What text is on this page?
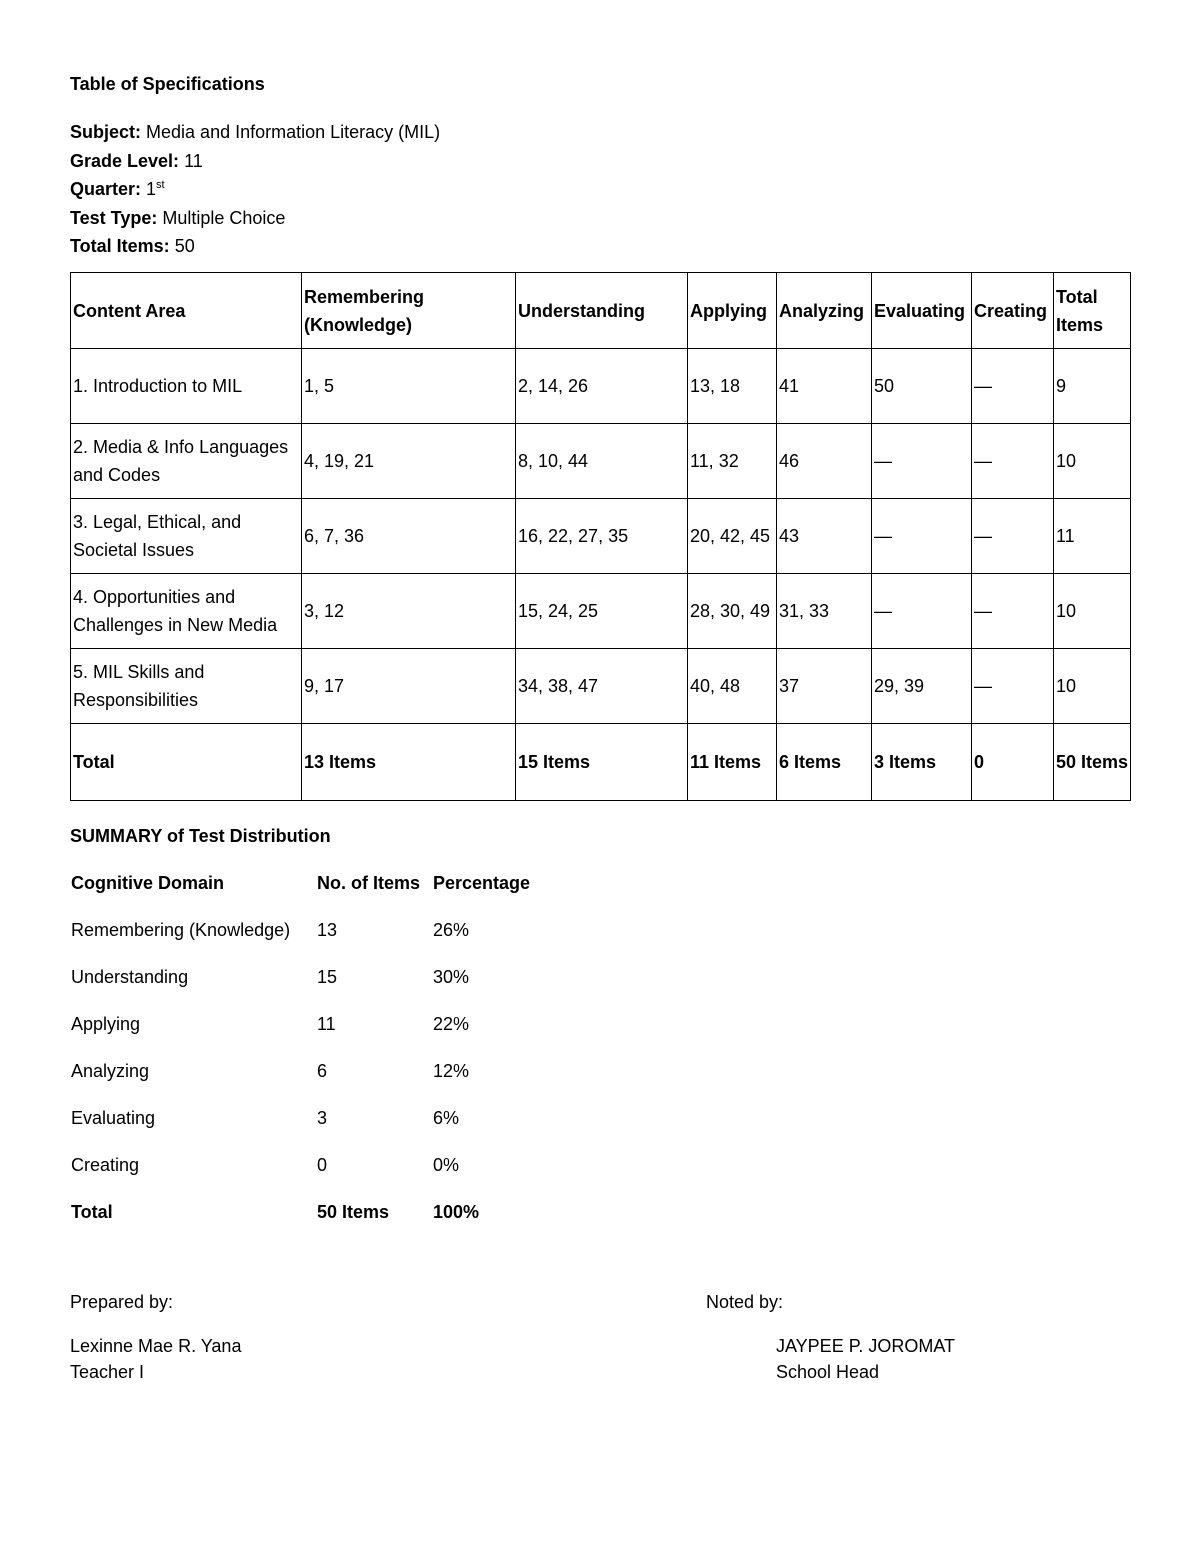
Table of Specifications
Subject: Media and Information Literacy (MIL)
Grade Level: 11
Quarter: 1st
Test Type: Multiple Choice
Total Items: 50
Content Area	Remembering (Knowledge)	Understanding	Applying	Analyzing	Evaluating	Creating	Total Items
1. Introduction to MIL	1, 5	2, 14, 26	13, 18	41	50	—	9
2. Media & Info Languages and Codes	4, 19, 21	8, 10, 44	11, 32	46	—	—	10
3. Legal, Ethical, and Societal Issues	6, 7, 36	16, 22, 27, 35	20, 42, 45	43	—	—	11
4. Opportunities and Challenges in New Media	3, 12	15, 24, 25	28, 30, 49	31, 33	—	—	10
5. MIL Skills and Responsibilities	9, 17	34, 38, 47	40, 48	37	29, 39	—	10
Total	13 Items	15 Items	11 Items	6 Items	3 Items	0	50 Items
SUMMARY of Test Distribution
Cognitive Domain	No. of Items	Percentage
Remembering (Knowledge)	13	26%
Understanding	15	30%
Applying	11	22%
Analyzing	6	12%
Evaluating	3	6%
Creating	0	0%
Total	50 Items	100%
Prepared by:
Lexinne Mae R. Yana
Teacher I
Noted by:
JAYPEE P. JOROMAT
School Head
